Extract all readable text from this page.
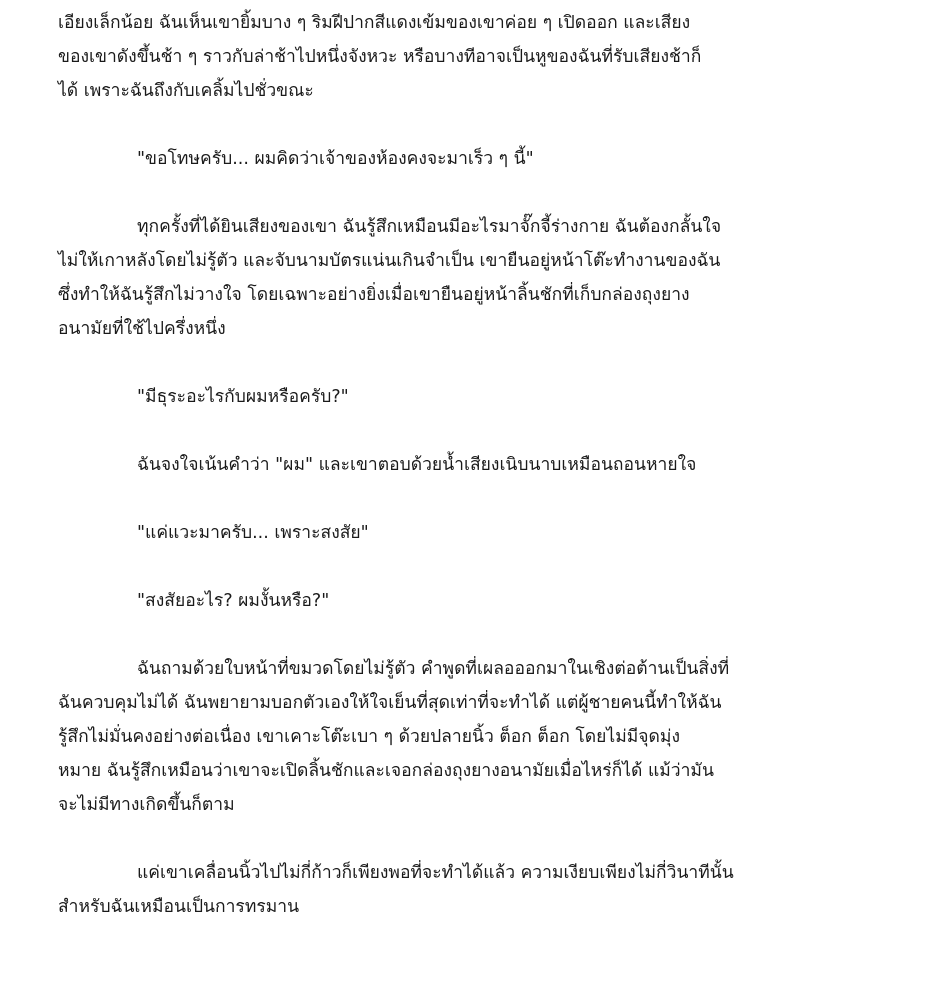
เอียงเล็กน้อย ฉันเห็นเขายิ้มบาง ๆ ริมฝีปากสีแดงเข้มของเขาค่อย ๆ เปิดออก และเสียง
ของเขาดังขึ้นช้า ๆ ราวกับล่าช้าไปหนึ่งจังหวะ หรือบางทีอาจเป็นหูของฉันที่รับเสียงช้าก็
ได้ เพราะฉันถึงกับเคลิ้มไปชั่วขณะ

"ขอโทษครับ... ผมคิดว่าเจ้าของห้องคงจะมาเร็ว ๆ นี้"

ทุกครั้งที่ได้ยินเสียงของเขา ฉันรู้สึกเหมือนมีอะไรมาจั๊กจี้ร่างกาย ฉันต้องกลั้นใจ
ไม่ให้เกาหลังโดยไม่รู้ตัว และจับนามบัตรแน่นเกินจำเป็น เขายืนอยู่หน้าโต๊ะทำงานของฉัน
ซึ่งทำให้ฉันรู้สึกไม่วางใจ โดยเฉพาะอย่างยิ่งเมื่อเขายืนอยู่หน้าลิ้นชักที่เก็บกล่องถุงยาง
อนามัยที่ใช้ไปครึ่งหนึ่ง

"มีธุระอะไรกับผมหรือครับ?"

ฉันจงใจเน้นคำว่า "ผม" และเขาตอบด้วยน้ำเสียงเนิบนาบเหมือนถอนหายใจ

"แค่แวะมาครับ... เพราะสงสัย"

"สงสัยอะไร? ผมงั้นหรือ?"

ฉันถามด้วยใบหน้าที่ขมวดโดยไม่รู้ตัว คำพูดที่เผลอออกมาในเชิงต่อต้านเป็นสิ่งที่
ฉันควบคุมไม่ได้ ฉันพยายามบอกตัวเองให้ใจเย็นที่สุดเท่าที่จะทำได้ แต่ผู้ชายคนนี้ทำให้ฉัน
รู้สึกไม่มั่นคงอย่างต่อเนื่อง เขาเคาะโต๊ะเบา ๆ ด้วยปลายนิ้ว ต็อก ต็อก โดยไม่มีจุดมุ่ง
หมาย ฉันรู้สึกเหมือนว่าเขาจะเปิดลิ้นชักและเจอกล่องถุงยางอนามัยเมื่อไหร่ก็ได้ แม้ว่ามัน
จะไม่มีทางเกิดขึ้นก็ตาม

แค่เขาเคลื่อนนิ้วไปไม่กี่ก้าวก็เพียงพอที่จะทำได้แล้ว ความเงียบเพียงไม่กี่วินาทีนั้น
สำหรับฉันเหมือนเป็นการทรมาน
